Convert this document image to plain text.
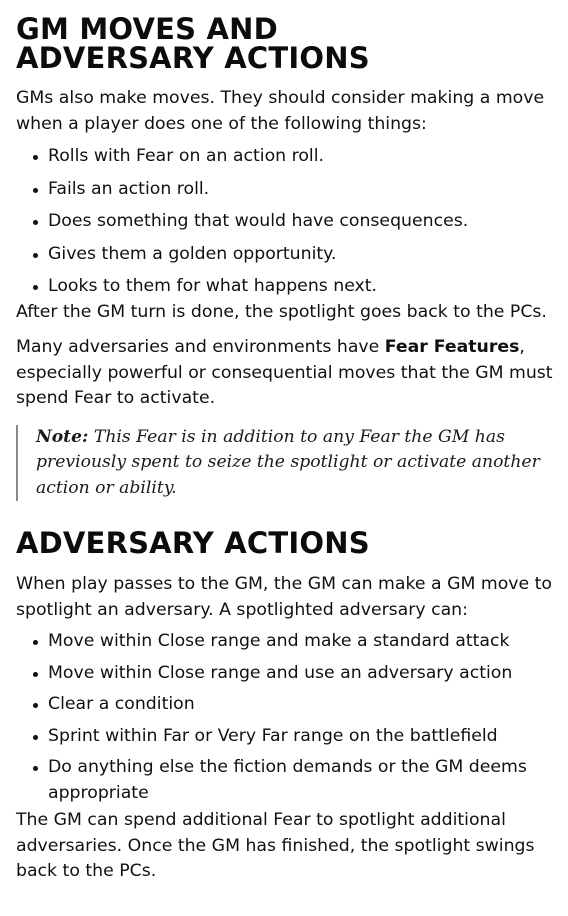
GM MOVES AND
ADVERSARY ACTIONS

GMs also make moves. They should consider making a move when a player does one of the following things:

Rolls with Fear on an action roll.
Fails an action roll.
Does something that would have consequences.
Gives them a golden opportunity.
Looks to them for what happens next.

After the GM turn is done, the spotlight goes back to the PCs.

Many adversaries and environments have Fear Features, especially powerful or consequential moves that the GM must spend Fear to activate.

Note: This Fear is in addition to any Fear the GM has previously spent to seize the spotlight or activate another action or ability.
ADVERSARY ACTIONS

When play passes to the GM, the GM can make a GM move to spotlight an adversary. A spotlighted adversary can:

Move within Close range and make a standard attack
Move within Close range and use an adversary action
Clear a condition
Sprint within Far or Very Far range on the battlefield
Do anything else the fiction demands or the GM deems appropriate

The GM can spend additional Fear to spotlight additional adversaries. Once the GM has finished, the spotlight swings back to the PCs.
